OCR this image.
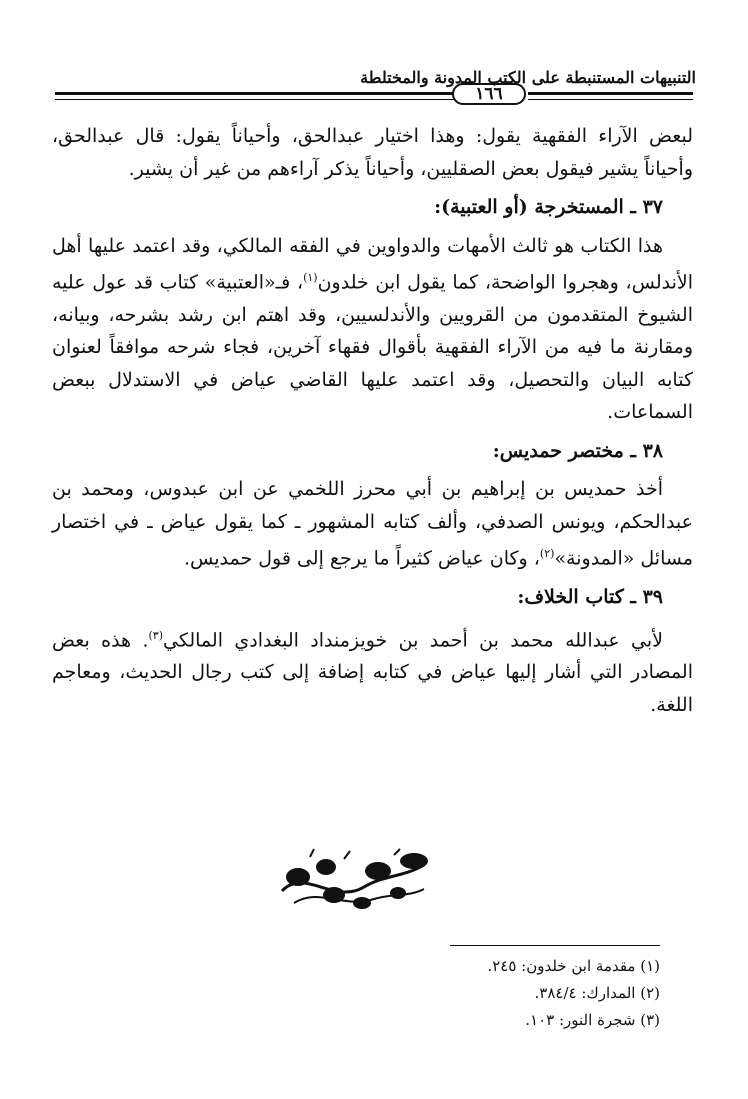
التنبيهات المستنبطة على الكتب المدونة والمختلطة
١٦٦

لبعض الآراء الفقهية يقول: وهذا اختيار عبدالحق، وأحياناً يقول: قال عبدالحق، وأحياناً يشير فيقول بعض الصقليين، وأحياناً يذكر آراءهم من غير أن يشير.

٣٧ ـ المستخرجة (أو العتبية):

هذا الكتاب هو ثالث الأمهات والدواوين في الفقه المالكي، وقد اعتمد عليها أهل الأندلس، وهجروا الواضحة، كما يقول ابن خلدون$^{(١)}$، فـ«العتبية» كتاب قد عول عليه الشيوخ المتقدمون من القرويين والأندلسيين، وقد اهتم ابن رشد بشرحه، وبيانه، ومقارنة ما فيه من الآراء الفقهية بأقوال فقهاء آخرين، فجاء شرحه موافقاً لعنوان كتابه البيان والتحصيل، وقد اعتمد عليها القاضي عياض في الاستدلال ببعض السماعات.

٣٨ ـ مختصر حمديس:

أخذ حمديس بن إبراهيم بن أبي محرز اللخمي عن ابن عبدوس، ومحمد بن عبدالحكم، ويونس الصدفي، وألف كتابه المشهور ـ كما يقول عياض ـ في اختصار مسائل «المدونة»$^{(٢)}$، وكان عياض كثيراً ما يرجع إلى قول حمديس.

٣٩ ـ كتاب الخلاف:

لأبي عبدالله محمد بن أحمد بن خويزمنداد البغدادي المالكي$^{(٣)}$. هذه بعض المصادر التي أشار إليها عياض في كتابه إضافة إلى كتب رجال الحديث، ومعاجم اللغة.

(١) مقدمة ابن خلدون: ٢٤٥.
(٢) المدارك: ٣٨٤/٤.
(٣) شجرة النور: ١٠٣.
